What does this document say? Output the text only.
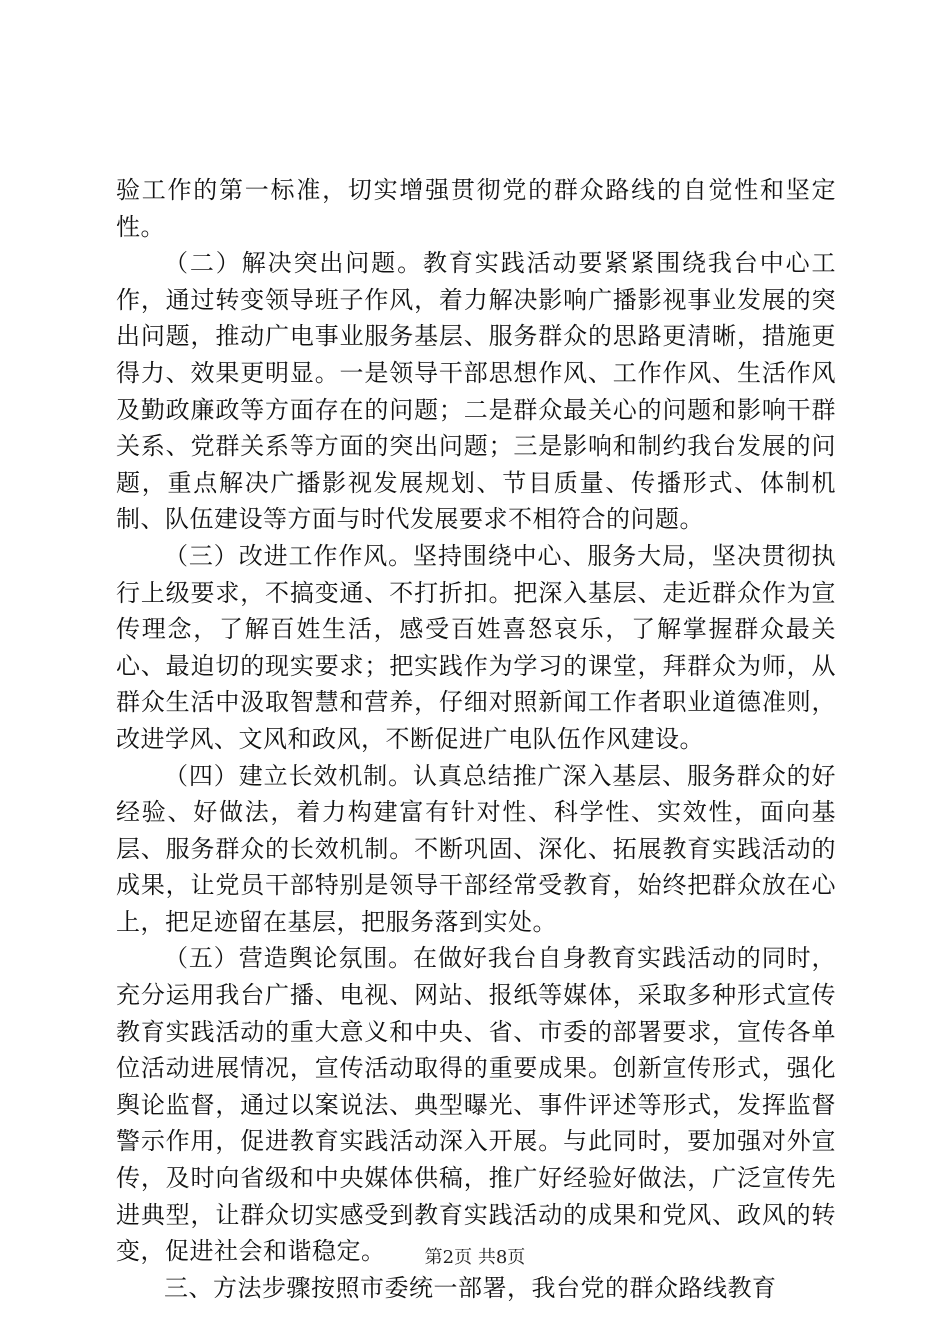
验工作的第一标准，切实增强贯彻党的群众路线的自觉性和坚定性。

（二）解决突出问题。教育实践活动要紧紧围绕我台中心工作，通过转变领导班子作风，着力解决影响广播影视事业发展的突出问题，推动广电事业服务基层、服务群众的思路更清晰，措施更得力、效果更明显。一是领导干部思想作风、工作作风、生活作风及勤政廉政等方面存在的问题；二是群众最关心的问题和影响干群关系、党群关系等方面的突出问题；三是影响和制约我台发展的问题，重点解决广播影视发展规划、节目质量、传播形式、体制机制、队伍建设等方面与时代发展要求不相符合的问题。

（三）改进工作作风。坚持围绕中心、服务大局，坚决贯彻执行上级要求，不搞变通、不打折扣。把深入基层、走近群众作为宣传理念，了解百姓生活，感受百姓喜怒哀乐，了解掌握群众最关心、最迫切的现实要求；把实践作为学习的课堂，拜群众为师，从群众生活中汲取智慧和营养，仔细对照新闻工作者职业道德准则，改进学风、文风和政风，不断促进广电队伍作风建设。

（四）建立长效机制。认真总结推广深入基层、服务群众的好经验、好做法，着力构建富有针对性、科学性、实效性，面向基层、服务群众的长效机制。不断巩固、深化、拓展教育实践活动的成果，让党员干部特别是领导干部经常受教育，始终把群众放在心上，把足迹留在基层，把服务落到实处。

（五）营造舆论氛围。在做好我台自身教育实践活动的同时，充分运用我台广播、电视、网站、报纸等媒体，采取多种形式宣传教育实践活动的重大意义和中央、省、市委的部署要求，宣传各单位活动进展情况，宣传活动取得的重要成果。创新宣传形式，强化舆论监督，通过以案说法、典型曝光、事件评述等形式，发挥监督警示作用，促进教育实践活动深入开展。与此同时，要加强对外宣传，及时向省级和中央媒体供稿，推广好经验好做法，广泛宣传先进典型，让群众切实感受到教育实践活动的成果和党风、政风的转变，促进社会和谐稳定。

三、方法步骤按照市委统一部署，我台党的群众路线教育

第2页 共8页
